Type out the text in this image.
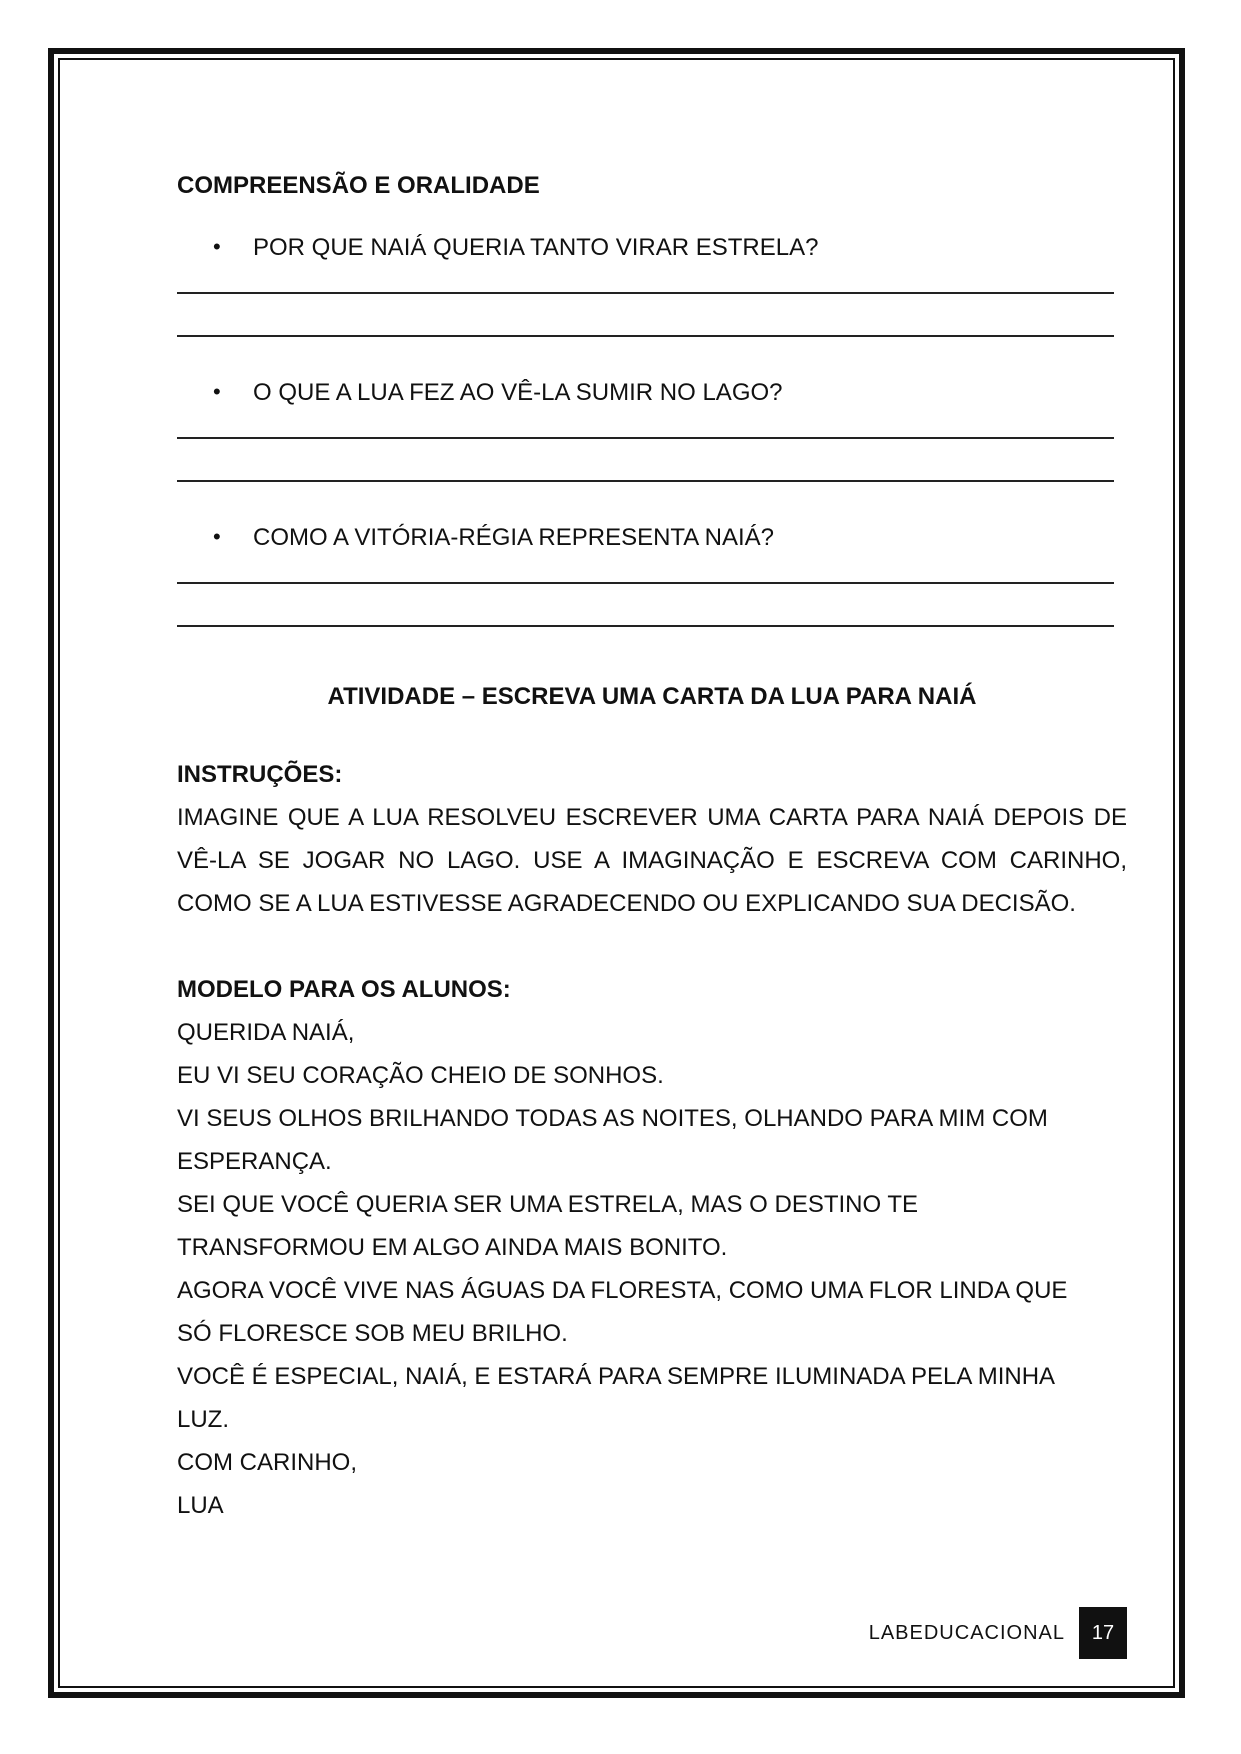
COMPREENSÃO E ORALIDADE

•	POR QUE NAIÁ QUERIA TANTO VIRAR ESTRELA?
•	O QUE A LUA FEZ AO VÊ-LA SUMIR NO LAGO?
•	COMO A VITÓRIA-RÉGIA REPRESENTA NAIÁ?

ATIVIDADE – ESCREVA UMA CARTA DA LUA PARA NAIÁ

INSTRUÇÕES:

IMAGINE QUE A LUA RESOLVEU ESCREVER UMA CARTA PARA NAIÁ DEPOIS DE VÊ-LA SE JOGAR NO LAGO. USE A IMAGINAÇÃO E ESCREVA COM CARINHO, COMO SE A LUA ESTIVESSE AGRADECENDO OU EXPLICANDO SUA DECISÃO.

MODELO PARA OS ALUNOS:

QUERIDA NAIÁ,

EU VI SEU CORAÇÃO CHEIO DE SONHOS.

VI SEUS OLHOS BRILHANDO TODAS AS NOITES, OLHANDO PARA MIM COM

ESPERANÇA.

SEI QUE VOCÊ QUERIA SER UMA ESTRELA, MAS O DESTINO TE

TRANSFORMOU EM ALGO AINDA MAIS BONITO.

AGORA VOCÊ VIVE NAS ÁGUAS DA FLORESTA, COMO UMA FLOR LINDA QUE

SÓ FLORESCE SOB MEU BRILHO.

VOCÊ É ESPECIAL, NAIÁ, E ESTARÁ PARA SEMPRE ILUMINADA PELA MINHA

LUZ.

COM CARINHO,

LUA

LABEDUCACIONAL	17
